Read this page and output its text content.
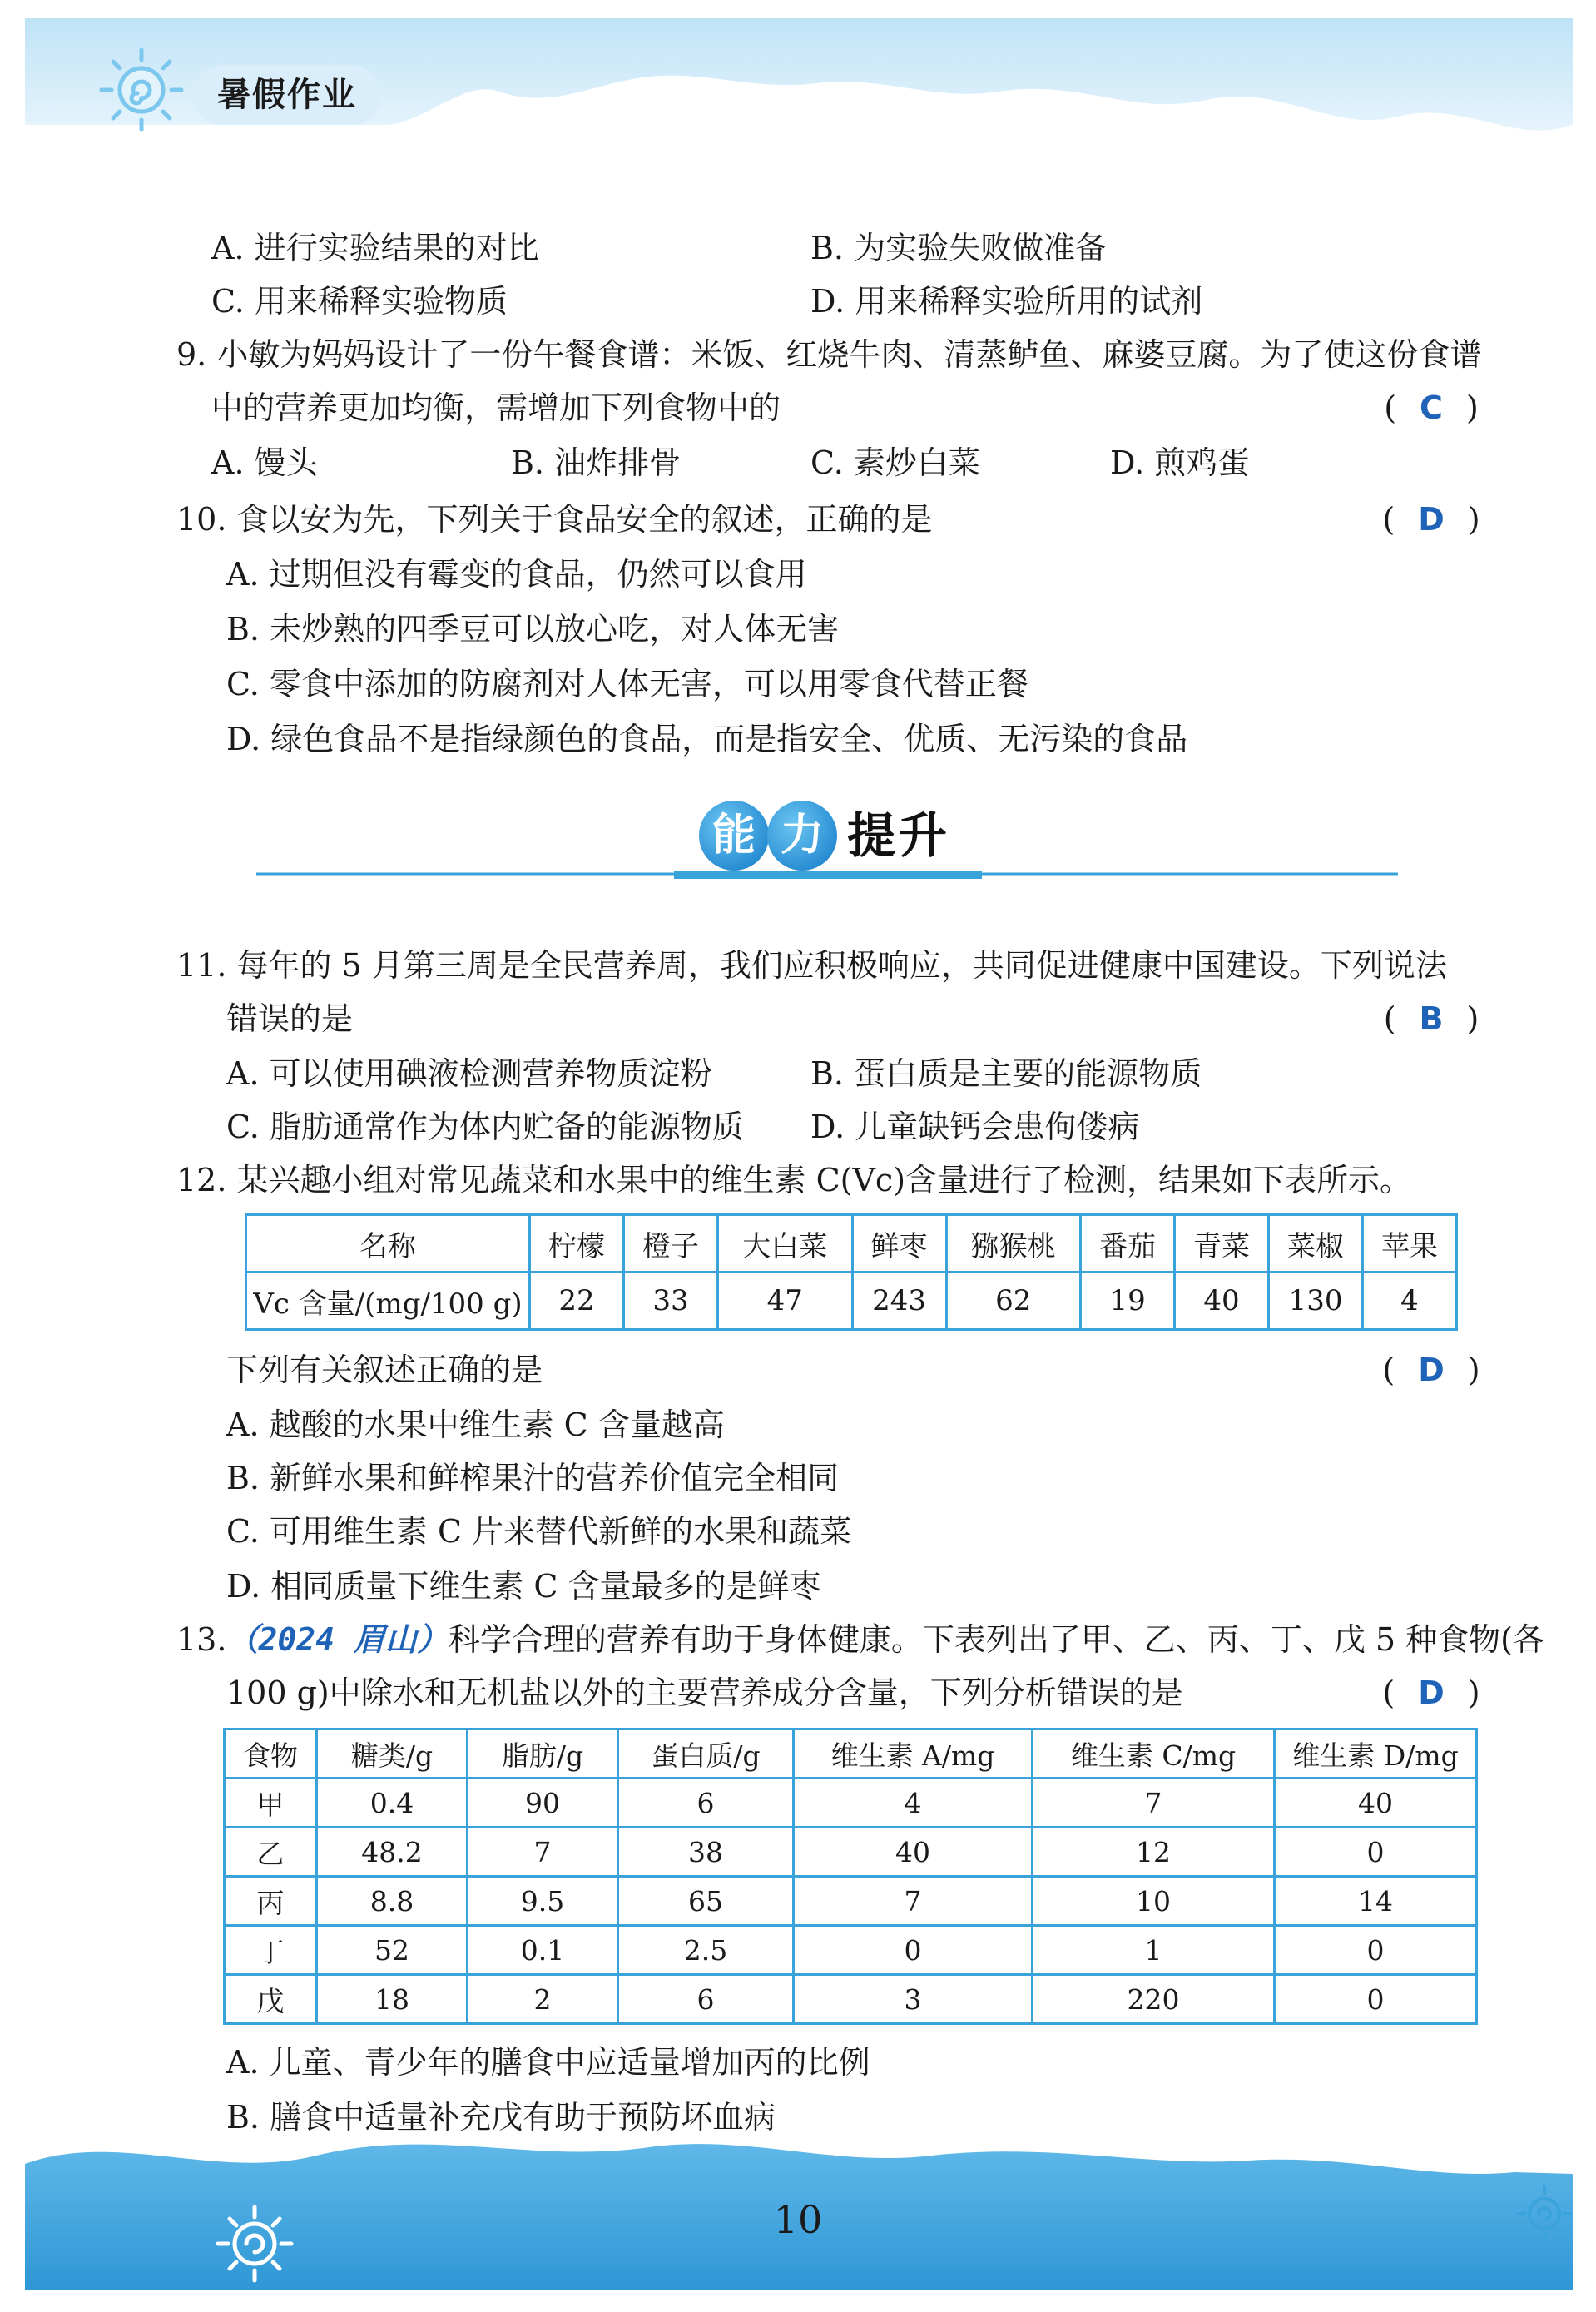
暑假作业
A. 进行实验结果的对比	B. 为实验失败做准备
C. 用来稀释实验物质	D. 用来稀释实验所用的试剂
9. 小敏为妈妈设计了一份午餐食谱：米饭、红烧牛肉、清蒸鲈鱼、麻婆豆腐。为了使这份食谱
中的营养更加均衡，需增加下列食物中的	( C )
A. 馒头	B. 油炸排骨	C. 素炒白菜	D. 煎鸡蛋
10. 食以安为先，下列关于食品安全的叙述，正确的是	( D )
A. 过期但没有霉变的食品，仍然可以食用
B. 未炒熟的四季豆可以放心吃，对人体无害
C. 零食中添加的防腐剂对人体无害，可以用零食代替正餐
D. 绿色食品不是指绿颜色的食品，而是指安全、优质、无污染的食品
能 力 提升
11. 每年的 5 月第三周是全民营养周，我们应积极响应，共同促进健康中国建设。下列说法
错误的是	( B )
A. 可以使用碘液检测营养物质淀粉	B. 蛋白质是主要的能源物质
C. 脂肪通常作为体内贮备的能源物质 D. 儿童缺钙会患佝偻病
12. 某兴趣小组对常见蔬菜和水果中的维生素 C(Vc)含量进行了检测，结果如下表所示。
名称	柠檬	橙子	大白菜	鲜枣	猕猴桃	番茄	青菜	菜椒	苹果
Vc 含量/(mg/100 g)	22	33	47	243	62	19	40	130	4
下列有关叙述正确的是	( D )
A. 越酸的水果中维生素 C 含量越高
B. 新鲜水果和鲜榨果汁的营养价值完全相同
C. 可用维生素 C 片来替代新鲜的水果和蔬菜
D. 相同质量下维生素 C 含量最多的是鲜枣
13.（2024 眉山）科学合理的营养有助于身体健康。下表列出了甲、乙、丙、丁、戊 5 种食物(各
100 g)中除水和无机盐以外的主要营养成分含量，下列分析错误的是	( D )
食物	糖类/g	脂肪/g	蛋白质/g	维生素 A/mg	维生素 C/mg	维生素 D/mg
甲	0.4	90	6	4	7	40
乙	48.2	7	38	40	12	0
丙	8.8	9.5	65	7	10	14
丁	52	0.1	2.5	0	1	0
戊	18	2	6	3	220	0
A. 儿童、青少年的膳食中应适量增加丙的比例
B. 膳食中适量补充戊有助于预防坏血病
10
